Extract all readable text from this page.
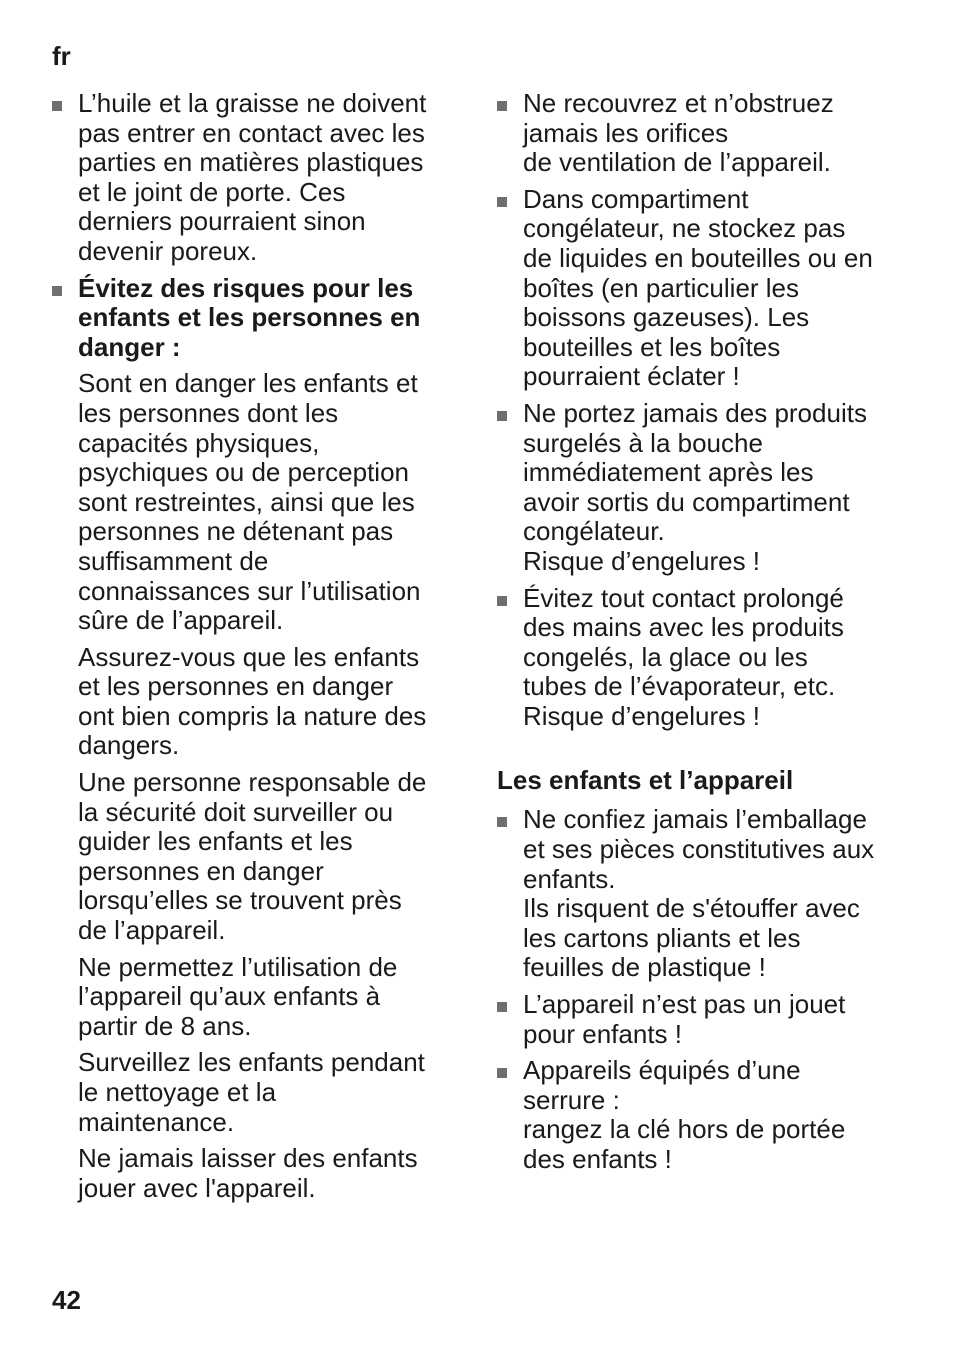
fr

L’huile et la graisse ne doivent
pas entrer en contact avec les
parties en matières plastiques
et le joint de porte. Ces
derniers pourraient sinon
devenir poreux.

Évitez des risques pour les
enfants et les personnes en
danger :

Sont en danger les enfants et
les personnes dont les
capacités physiques,
psychiques ou de perception
sont restreintes, ainsi que les
personnes ne détenant pas
suffisamment de
connaissances sur l’utilisation
sûre de l’appareil.

Assurez-vous que les enfants
et les personnes en danger
ont bien compris la nature des
dangers.

Une personne responsable de
la sécurité doit surveiller ou
guider les enfants et les
personnes en danger
lorsqu’elles se trouvent près
de l’appareil.

Ne permettez l’utilisation de
l’appareil qu’aux enfants à
partir de 8 ans.

Surveillez les enfants pendant
le nettoyage et la
maintenance.

Ne jamais laisser des enfants
jouer avec l'appareil.

Ne recouvrez et n’obstruez
jamais les orifices
de ventilation de l’appareil.

Dans compartiment
congélateur, ne stockez pas
de liquides en bouteilles ou en
boîtes (en particulier les
boissons gazeuses). Les
bouteilles et les boîtes
pourraient éclater !

Ne portez jamais des produits
surgelés à la bouche
immédiatement après les
avoir sortis du compartiment
congélateur.
Risque d’engelures !

Évitez tout contact prolongé
des mains avec les produits
congelés, la glace ou les
tubes de l’évaporateur, etc.
Risque d’engelures !

Les enfants et l’appareil

Ne confiez jamais l’emballage
et ses pièces constitutives aux
enfants.
Ils risquent de s'étouffer avec
les cartons pliants et les
feuilles de plastique !

L’appareil n’est pas un jouet
pour enfants !

Appareils équipés d’une
serrure :
rangez la clé hors de portée
des enfants !

42
